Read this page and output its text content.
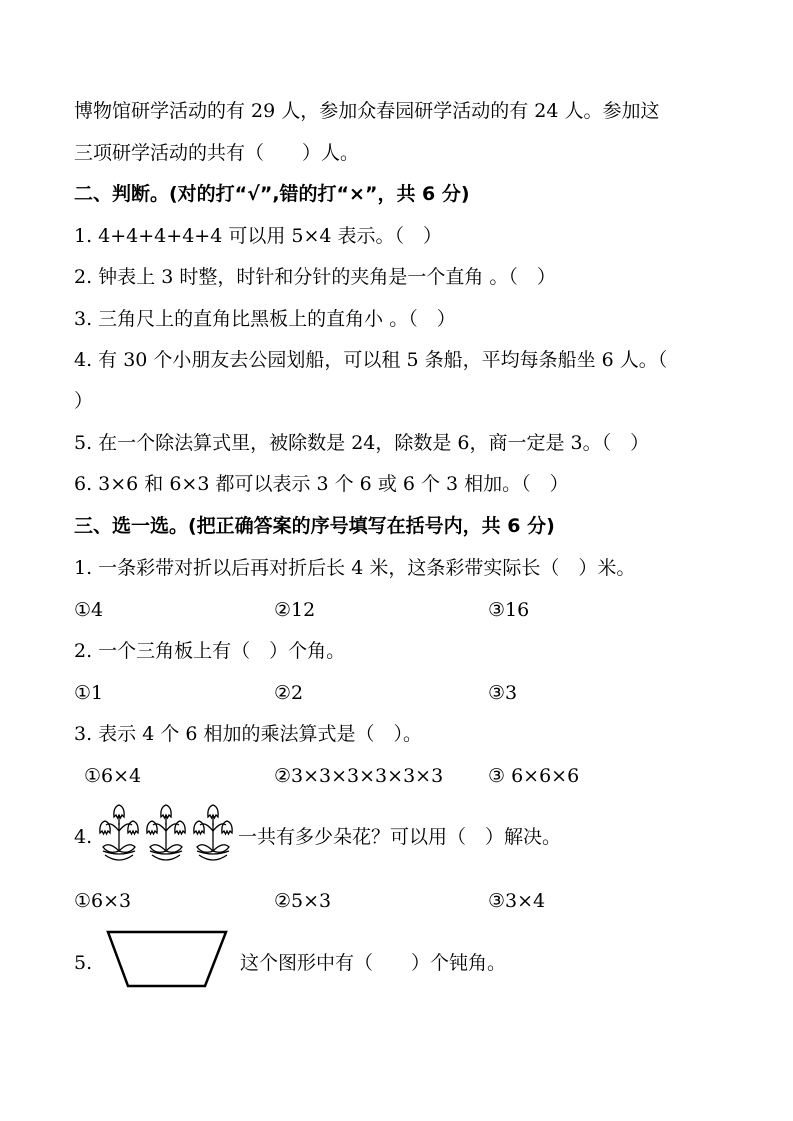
博物馆研学活动的有 29 人，参加众春园研学活动的有 24 人。参加这
三项研学活动的共有（　　）人。
二、判断。(对的打“√”,错的打“×”，共 6 分)
1. 4+4+4+4+4 可以用 5×4 表示。（　）
2. 钟表上 3 时整，时针和分针的夹角是一个直角 。（　）
3. 三角尺上的直角比黑板上的直角小 。（　）
4. 有 30 个小朋友去公园划船，可以租 5 条船，平均每条船坐 6 人。（
）
5. 在一个除法算式里，被除数是 24，除数是 6，商一定是 3。（　）
6. 3×6 和 6×3 都可以表示 3 个 6 或 6 个 3 相加。（　）
三、选一选。(把正确答案的序号填写在括号内，共 6 分)
1. 一条彩带对折以后再对折后长 4 米，这条彩带实际长（　）米。
①4	②12	③16
2. 一个三角板上有（　）个角。
①1	②2	③3
3. 表示 4 个 6 相加的乘法算式是（　）。
①6×4	②3×3×3×3×3×3 ③ 6×6×6
4.	一共有多少朵花？可以用（　）解决。
①6×3	②5×3	③3×4
5.	这个图形中有（　　）个钝角。
